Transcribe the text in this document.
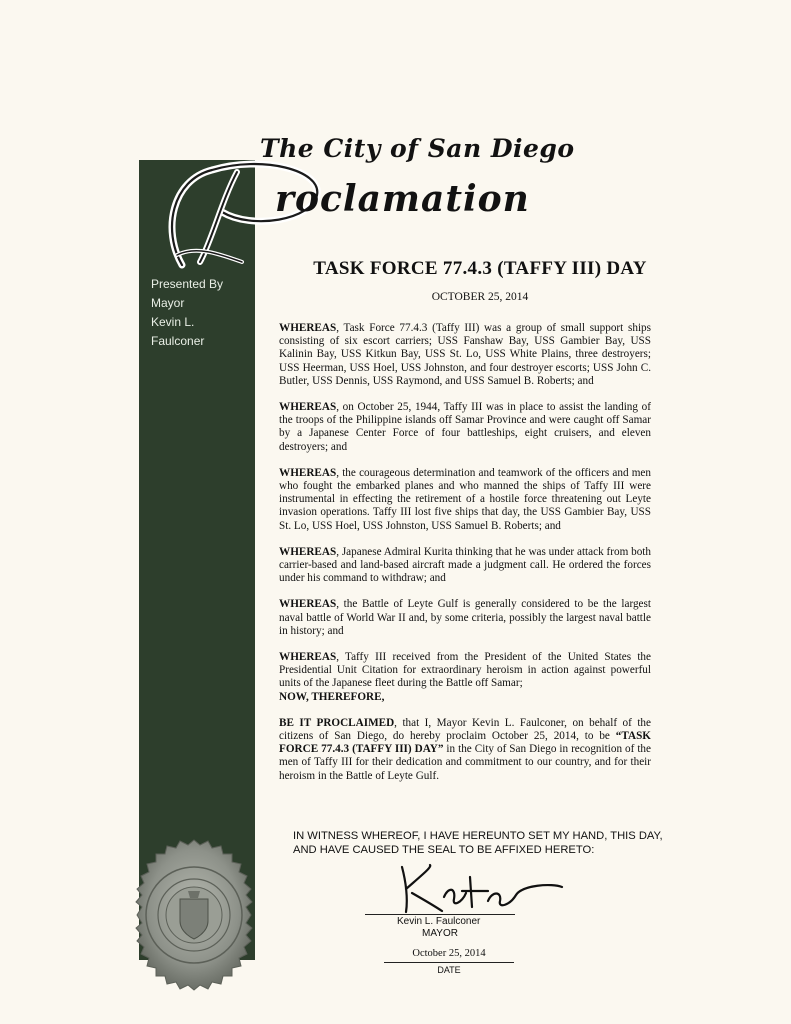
Presented By
Mayor
Kevin L.
Faulconer
The City of San Diego
roclamation
TASK FORCE 77.4.3 (TAFFY III) DAY
OCTOBER 25, 2014

WHEREAS, Task Force 77.4.3 (Taffy III) was a group of small support ships consisting of six escort carriers; USS Fanshaw Bay, USS Gambier Bay, USS Kalinin Bay, USS Kitkun Bay, USS St. Lo, USS White Plains, three destroyers; USS Heerman, USS Hoel, USS Johnston, and four destroyer escorts; USS John C. Butler, USS Dennis, USS Raymond, and USS Samuel B. Roberts; and

WHEREAS, on October 25, 1944, Taffy III was in place to assist the landing of the troops of the Philippine islands off Samar Province and were caught off Samar by a Japanese Center Force of four battleships, eight cruisers, and eleven destroyers; and

WHEREAS, the courageous determination and teamwork of the officers and men who fought the embarked planes and who manned the ships of Taffy III were instrumental in effecting the retirement of a hostile force threatening out Leyte invasion operations. Taffy III lost five ships that day, the USS Gambier Bay, USS St. Lo, USS Hoel, USS Johnston, USS Samuel B. Roberts; and

WHEREAS, Japanese Admiral Kurita thinking that he was under attack from both carrier-based and land-based aircraft made a judgment call. He ordered the forces under his command to withdraw; and

WHEREAS, the Battle of Leyte Gulf is generally considered to be the largest naval battle of World War II and, by some criteria, possibly the largest naval battle in history; and

WHEREAS, Taffy III received from the President of the United States the Presidential Unit Citation for extraordinary heroism in action against powerful units of the Japanese fleet during the Battle off Samar;
NOW, THEREFORE,

BE IT PROCLAIMED, that I, Mayor Kevin L. Faulconer, on behalf of the citizens of San Diego, do hereby proclaim October 25, 2014, to be “TASK FORCE 77.4.3 (TAFFY III) DAY” in the City of San Diego in recognition of the men of Taffy III for their dedication and commitment to our country, and for their heroism in the Battle of Leyte Gulf.

IN WITNESS WHEREOF, I HAVE HEREUNTO SET MY HAND, THIS DAY,
AND HAVE CAUSED THE SEAL TO BE AFFIXED HERETO:
Kevin L. Faulconer
MAYOR
October 25, 2014
DATE
